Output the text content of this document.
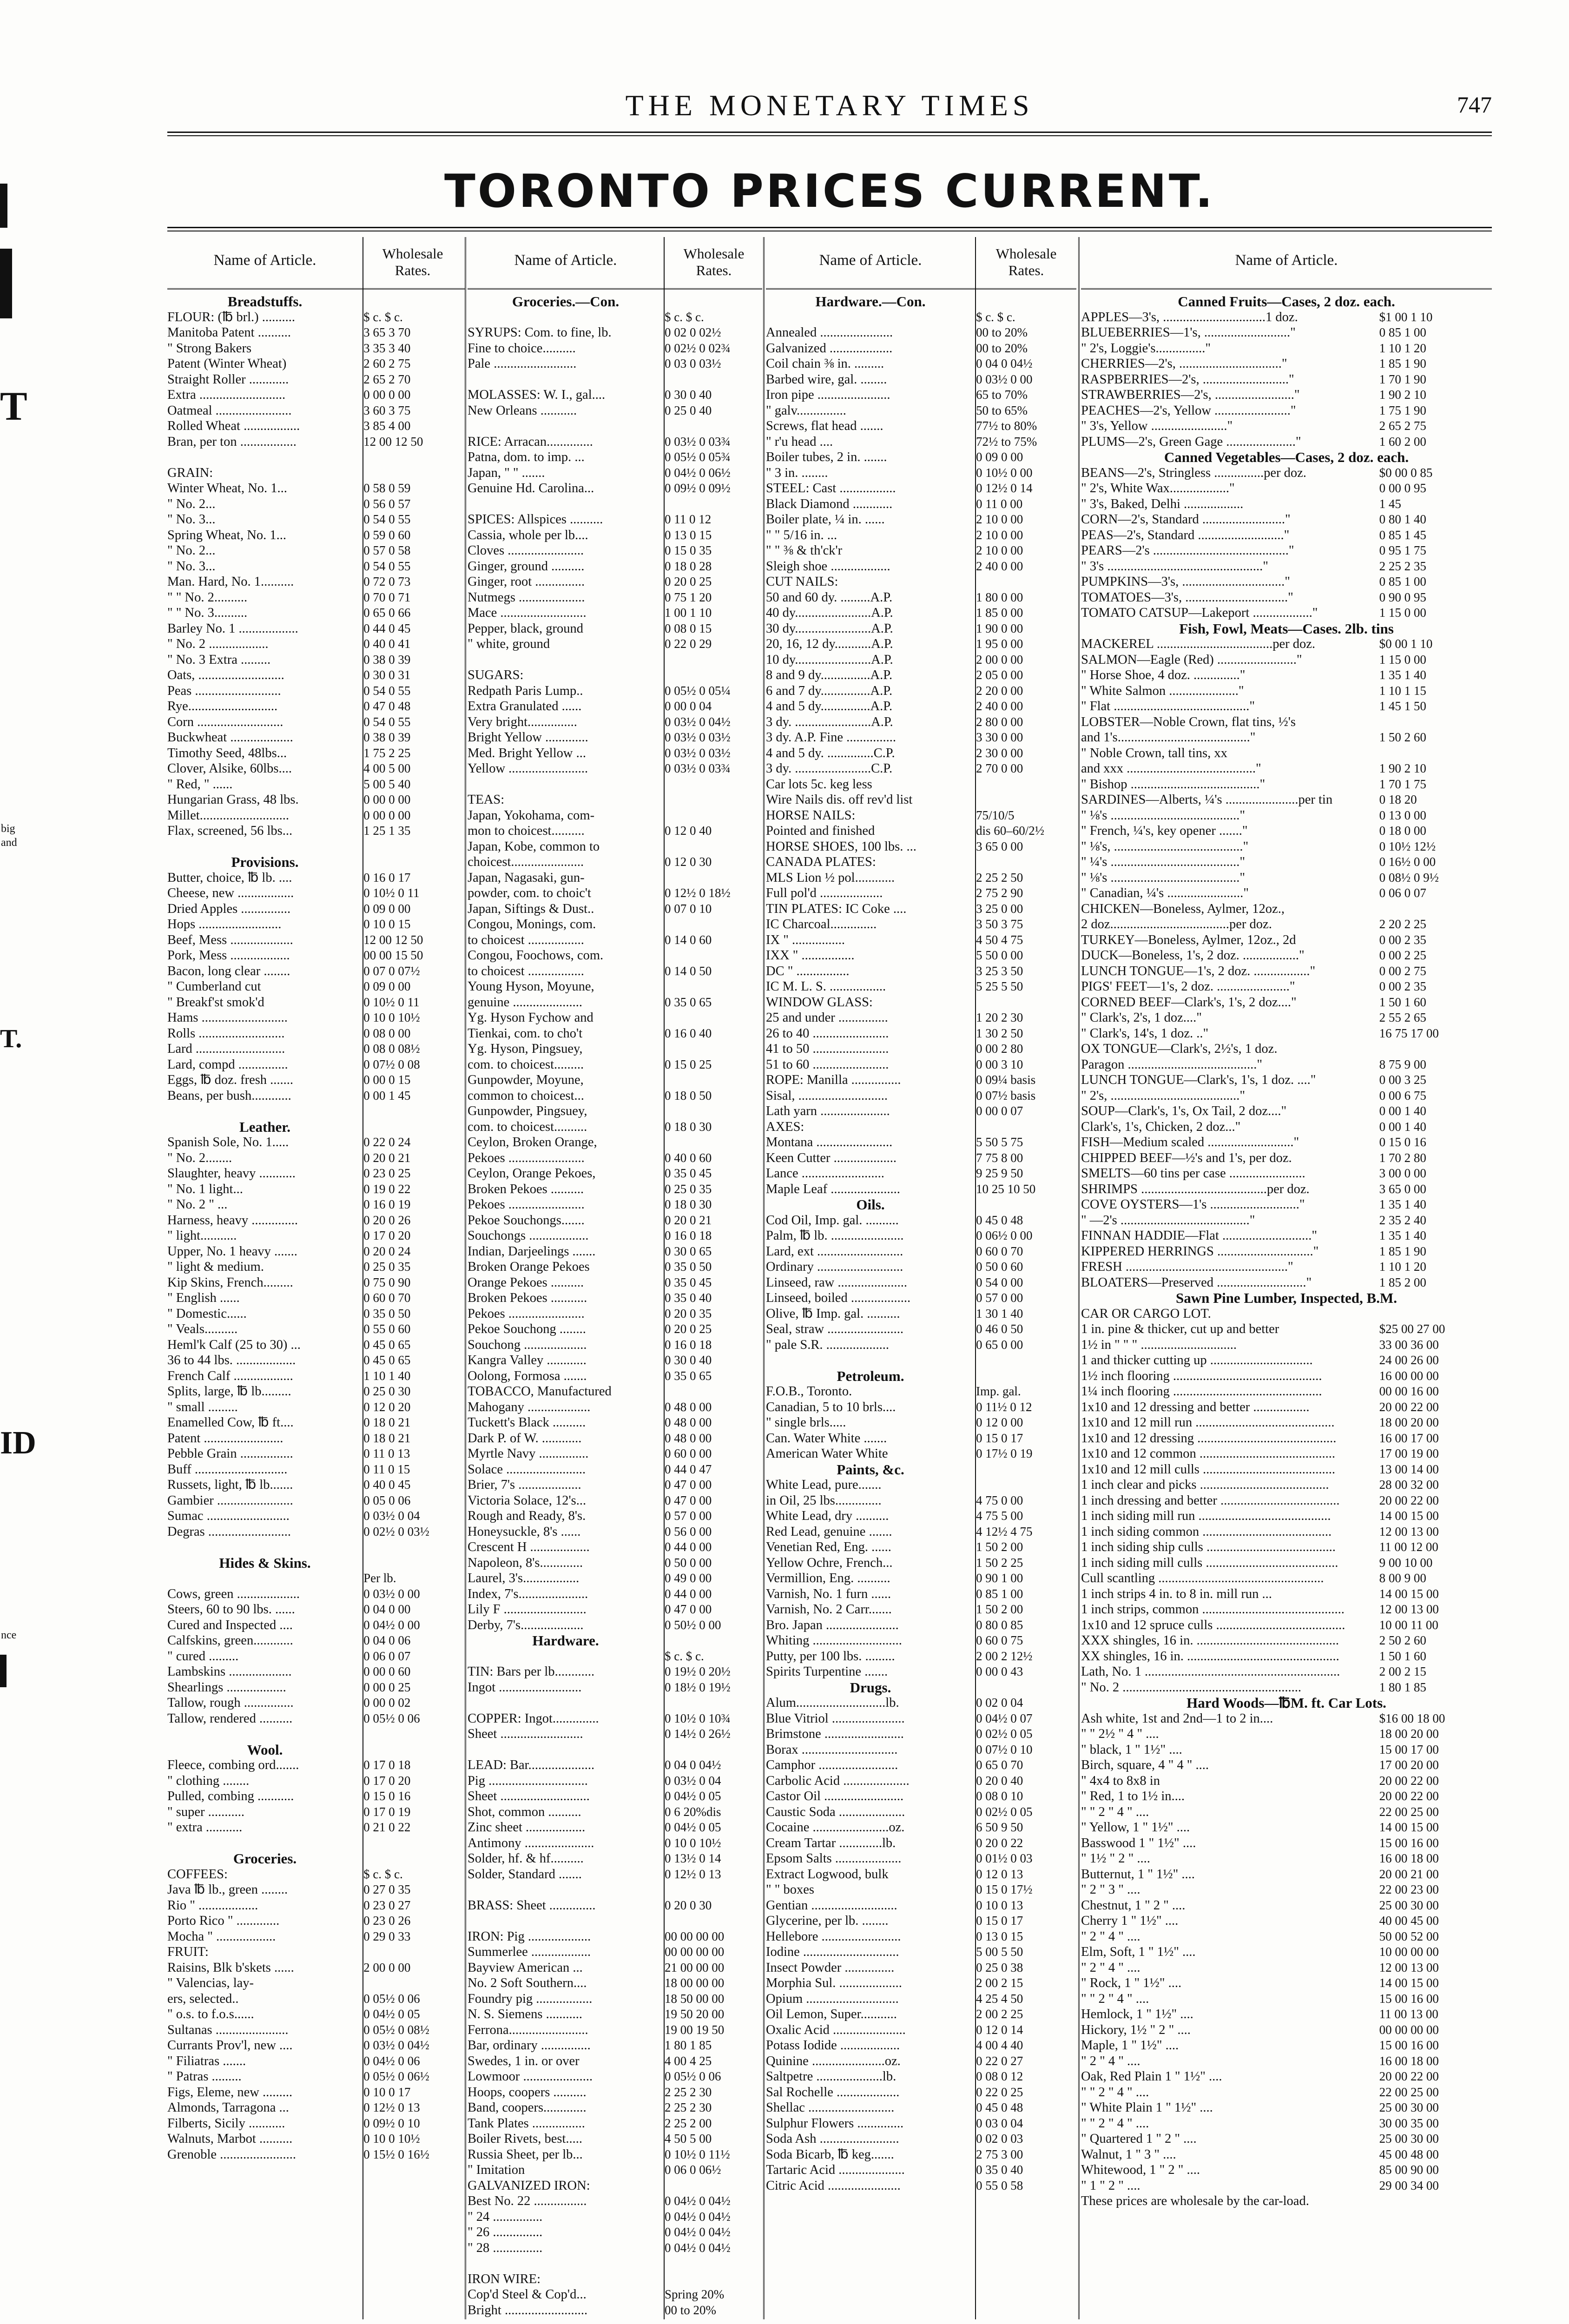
T
big
and
T.
ID
nce
THE MONETARY TIMES	747
TORONTO PRICES CURRENT.
Name of Article.	Wholesale Rates.
Breadstuffs.
FLOUR: (℔ brl.) ..........	$ c. $ c.
Manitoba Patent ..........	3 65 3 70
" Strong Bakers	3 35 3 40
Patent (Winter Wheat)	2 60 2 75
Straight Roller ............	2 65 2 70
Extra ..........................	0 00 0 00
Oatmeal .......................	3 60 3 75
Rolled Wheat .................	3 85 4 00
Bran, per ton .................	12 00 12 50
GRAIN:
Winter Wheat, No. 1...	0 58 0 59
" No. 2...	0 56 0 57
" No. 3...	0 54 0 55
Spring Wheat, No. 1...	0 59 0 60
" No. 2...	0 57 0 58
" No. 3...	0 54 0 55
Man. Hard, No. 1..........	0 72 0 73
" " No. 2..........	0 70 0 71
" " No. 3..........	0 65 0 66
Barley No. 1 ..................	0 44 0 45
" No. 2 ..................	0 40 0 41
" No. 3 Extra .........	0 38 0 39
Oats, ..........................	0 30 0 31
Peas ..........................	0 54 0 55
Rye...........................	0 47 0 48
Corn ..........................	0 54 0 55
Buckwheat ...................	0 38 0 39
Timothy Seed, 48lbs...	1 75 2 25
Clover, Alsike, 60lbs....	4 00 5 00
" Red, " ......	5 00 5 40
Hungarian Grass, 48 lbs.	0 00 0 00
Millet...........................	0 00 0 00
Flax, screened, 56 lbs...	1 25 1 35
Provisions.
Butter, choice, ℔ lb. ....	0 16 0 17
Cheese, new .................	0 10½ 0 11
Dried Apples ...............	0 09 0 00
Hops .........................	0 10 0 15
Beef, Mess ...................	12 00 12 50
Pork, Mess ..................	00 00 15 50
Bacon, long clear ........	0 07 0 07½
" Cumberland cut	0 09 0 00
" Breakf'st smok'd	0 10½ 0 11
Hams ..........................	0 10 0 10½
Rolls ..........................	0 08 0 00
Lard ...........................	0 08 0 08½
Lard, compd ...............	0 07½ 0 08
Eggs, ℔ doz. fresh .......	0 00 0 15
Beans, per bush............	0 00 1 45
Leather.
Spanish Sole, No. 1.....	0 22 0 24
" No. 2........	0 20 0 21
Slaughter, heavy ...........	0 23 0 25
" No. 1 light...	0 19 0 22
" No. 2 " ...	0 16 0 19
Harness, heavy ..............	0 20 0 26
" light...........	0 17 0 20
Upper, No. 1 heavy .......	0 20 0 24
" light & medium.	0 25 0 35
Kip Skins, French.........	0 75 0 90
" English ......	0 60 0 70
" Domestic......	0 35 0 50
" Veals..........	0 55 0 60
Heml'k Calf (25 to 30) ...	0 45 0 65
36 to 44 lbs. ..................	0 45 0 65
French Calf ..................	1 10 1 40
Splits, large, ℔ lb.........	0 25 0 30
" small .........	0 12 0 20
Enamelled Cow, ℔ ft....	0 18 0 21
Patent ........................	0 18 0 21
Pebble Grain ................	0 11 0 13
Buff ............................	0 11 0 15
Russets, light, ℔ lb.......	0 40 0 45
Gambier .......................	0 05 0 06
Sumac .........................	0 03½ 0 04
Degras .........................	0 02½ 0 03½
Hides & Skins.
Per lb.
Cows, green ...................	0 03½ 0 00
Steers, 60 to 90 lbs. ......	0 04 0 00
Cured and Inspected ....	0 04½ 0 00
Calfskins, green............	0 04 0 06
" cured .........	0 06 0 07
Lambskins ...................	0 00 0 60
Shearlings ..................	0 00 0 25
Tallow, rough ...............	0 00 0 02
Tallow, rendered ..........	0 05½ 0 06
Wool.
Fleece, combing ord.......	0 17 0 18
" clothing ........	0 17 0 20
Pulled, combing ...........	0 15 0 16
" super ...........	0 17 0 19
" extra ...........	0 21 0 22
Groceries.
COFFEES:	$ c. $ c.
Java ℔ lb., green ........	0 27 0 35
Rio " ..................	0 23 0 27
Porto Rico " .............	0 23 0 26
Mocha " ..................	0 29 0 33
FRUIT:
Raisins, Blk b'skets ......	2 00 0 00
" Valencias, lay-
ers, selected..	0 05½ 0 06
" o.s. to f.o.s......	0 04½ 0 05
Sultanas ......................	0 05½ 0 08½
Currants Prov'l, new ....	0 03½ 0 04½
" Filiatras .......	0 04½ 0 06
" Patras .........	0 05½ 0 06½
Figs, Eleme, new .........	0 10 0 17
Almonds, Tarragona ...	0 12½ 0 13
Filberts, Sicily ...........	0 09½ 0 10
Walnuts, Marbot ..........	0 10 0 10½
Grenoble .......................	0 15½ 0 16½
Name of Article.	Wholesale Rates.
Groceries.—Con.
$ c. $ c.
SYRUPS: Com. to fine, lb.	0 02 0 02½
Fine to choice..........	0 02½ 0 02¾
Pale .........................	0 03 0 03½
MOLASSES: W. I., gal....	0 30 0 40
New Orleans ...........	0 25 0 40
RICE: Arracan..............	0 03½ 0 03¾
Patna, dom. to imp. ...	0 05½ 0 05¾
Japan, " " .......	0 04½ 0 06½
Genuine Hd. Carolina...	0 09½ 0 09½
SPICES: Allspices ..........	0 11 0 12
Cassia, whole per lb....	0 13 0 15
Cloves .......................	0 15 0 35
Ginger, ground ..........	0 18 0 28
Ginger, root ...............	0 20 0 25
Nutmegs ....................	0 75 1 20
Mace ..........................	1 00 1 10
Pepper, black, ground	0 08 0 15
" white, ground	0 22 0 29
SUGARS:
Redpath Paris Lump..	0 05½ 0 05¼
Extra Granulated ......	0 00 0 04
Very bright...............	0 03½ 0 04½
Bright Yellow .............	0 03½ 0 03½
Med. Bright Yellow ...	0 03½ 0 03½
Yellow ........................	0 03½ 0 03¾
TEAS:
Japan, Yokohama, com-
mon to choicest..........	0 12 0 40
Japan, Kobe, common to
choicest......................	0 12 0 30
Japan, Nagasaki, gun-
powder, com. to choic't	0 12½ 0 18½
Japan, Siftings & Dust..	0 07 0 10
Congou, Monings, com.
to choicest .................	0 14 0 60
Congou, Foochows, com.
to choicest .................	0 14 0 50
Young Hyson, Moyune,
genuine .....................	0 35 0 65
Yg. Hyson Fychow and
Tienkai, com. to cho't	0 16 0 40
Yg. Hyson, Pingsuey,
com. to choicest.........	0 15 0 25
Gunpowder, Moyune,
common to choicest...	0 18 0 50
Gunpowder, Pingsuey,
com. to choicest..........	0 18 0 30
Ceylon, Broken Orange,
Pekoes .......................	0 40 0 60
Ceylon, Orange Pekoes,	0 35 0 45
Broken Pekoes ..........	0 25 0 35
Pekoes .......................	0 18 0 30
Pekoe Souchongs.......	0 20 0 21
Souchongs ..................	0 16 0 18
Indian, Darjeelings .......	0 30 0 65
Broken Orange Pekoes	0 35 0 50
Orange Pekoes ..........	0 35 0 45
Broken Pekoes ...........	0 35 0 40
Pekoes .......................	0 20 0 35
Pekoe Souchong ........	0 20 0 25
Souchong ...................	0 16 0 18
Kangra Valley ............	0 30 0 40
Oolong, Formosa .......	0 35 0 65
TOBACCO, Manufactured
Mahogany ...................	0 48 0 00
Tuckett's Black ..........	0 48 0 00
Dark P. of W. ............	0 48 0 00
Myrtle Navy ...............	0 60 0 00
Solace ........................	0 44 0 47
Brier, 7's ...................	0 47 0 00
Victoria Solace, 12's...	0 47 0 00
Rough and Ready, 8's.	0 57 0 00
Honeysuckle, 8's ......	0 56 0 00
Crescent H ..................	0 44 0 00
Napoleon, 8's.............	0 50 0 00
Laurel, 3's.................	0 49 0 00
Index, 7's.....................	0 44 0 00
Lily F .........................	0 47 0 00
Derby, 7's...................	0 50½ 0 00
Hardware.
$ c. $ c.
TIN: Bars per lb............	0 19½ 0 20½
Ingot .........................	0 18½ 0 19½
COPPER: Ingot..............	0 10½ 0 10¾
Sheet .........................	0 14½ 0 26½
LEAD: Bar....................	0 04 0 04½
Pig ..............................	0 03½ 0 04
Sheet ...........................	0 04½ 0 05
Shot, common ..........	0 6 20%dis
Zinc sheet ..................	0 04½ 0 05
Antimony .....................	0 10 0 10½
Solder, hf. & hf..........	0 13½ 0 14
Solder, Standard .......	0 12½ 0 13
BRASS: Sheet ..............	0 20 0 30
IRON: Pig ...................	00 00 00 00
Summerlee ..................	00 00 00 00
Bayview American ...	21 00 00 00
No. 2 Soft Southern....	18 00 00 00
Foundry pig .................	18 50 00 00
N. S. Siemens ...........	19 50 20 00
Ferrona........................	19 00 19 50
Bar, ordinary ...............	1 80 1 85
Swedes, 1 in. or over	4 00 4 25
Lowmoor .....................	0 05½ 0 06
Hoops, coopers ..........	2 25 2 30
Band, coopers.............	2 25 2 30
Tank Plates ................	2 25 2 00
Boiler Rivets, best.....	4 50 5 00
Russia Sheet, per lb...	0 10½ 0 11½
" Imitation	0 06 0 06½
GALVANIZED IRON:
Best No. 22 ................	0 04½ 0 04½
" 24 ...............	0 04½ 0 04½
" 26 ...............	0 04½ 0 04½
" 28 ...............	0 04½ 0 04½
IRON WIRE:
Cop'd Steel & Cop'd...	Spring 20%
Bright .........................	00 to 20%
Name of Article.	Wholesale Rates.
Hardware.—Con.
$ c. $ c.
Annealed ......................	00 to 20%
Galvanized ...................	00 to 20%
Coil chain ⅜ in. .........	0 04 0 04½
Barbed wire, gal. ........	0 03½ 0 00
Iron pipe ......................	65 to 70%
" galv...............	50 to 65%
Screws, flat head .......	77½ to 80%
" r'u head ....	72½ to 75%
Boiler tubes, 2 in. .......	0 09 0 00
" 3 in. ........	0 10½ 0 00
STEEL: Cast .................	0 12½ 0 14
Black Diamond ............	0 11 0 00
Boiler plate, ¼ in. ......	2 10 0 00
" " 5/16 in. ...	2 10 0 00
" " ⅜ & th'ck'r	2 10 0 00
Sleigh shoe ..................	2 40 0 00
CUT NAILS:
50 and 60 dy. .........A.P.	1 80 0 00
40 dy.......................A.P.	1 85 0 00
30 dy.......................A.P.	1 90 0 00
20, 16, 12 dy...........A.P.	1 95 0 00
10 dy.......................A.P.	2 00 0 00
8 and 9 dy...............A.P.	2 05 0 00
6 and 7 dy...............A.P.	2 20 0 00
4 and 5 dy...............A.P.	2 40 0 00
3 dy. .......................A.P.	2 80 0 00
3 dy. A.P. Fine ...............	3 30 0 00
4 and 5 dy. ..............C.P.	2 30 0 00
3 dy. .......................C.P.	2 70 0 00
Car lots 5c. keg less
Wire Nails dis. off rev'd list
HORSE NAILS:	75/10/5
Pointed and finished	dis 60–60/2½
HORSE SHOES, 100 lbs. ...	3 65 0 00
CANADA PLATES:
MLS Lion ½ pol............	2 25 2 50
Full pol'd ...................	2 75 2 90
TIN PLATES: IC Coke ....	3 25 0 00
IC Charcoal..............	3 50 3 75
IX " ................	4 50 4 75
IXX " ................	5 50 0 00
DC " ................	3 25 3 50
IC M. L. S. .................	5 25 5 50
WINDOW GLASS:
25 and under ...............	1 20 2 30
26 to 40 .......................	1 30 2 50
41 to 50 .......................	0 00 2 80
51 to 60 .......................	0 00 3 10
ROPE: Manilla ...............	0 09¼ basis
Sisal, ...........................	0 07½ basis
Lath yarn .....................	0 00 0 07
AXES:
Montana .......................	5 50 5 75
Keen Cutter ...................	7 75 8 00
Lance .........................	9 25 9 50
Maple Leaf .....................	10 25 10 50
Oils.
Cod Oil, Imp. gal. ..........	0 45 0 48
Palm, ℔ lb. ......................	0 06½ 0 00
Lard, ext ..........................	0 60 0 70
Ordinary ..........................	0 50 0 60
Linseed, raw .....................	0 54 0 00
Linseed, boiled ..................	0 57 0 00
Olive, ℔ Imp. gal. ..........	1 30 1 40
Seal, straw .......................	0 46 0 50
" pale S.R. ...................	0 65 0 00
Petroleum.
F.O.B., Toronto.	Imp. gal.
Canadian, 5 to 10 brls....	0 11½ 0 12
" single brls.....	0 12 0 00
Can. Water White .......	0 15 0 17
American Water White	0 17½ 0 19
Paints, &c.
White Lead, pure.......
in Oil, 25 lbs..............	4 75 0 00
White Lead, dry ..........	4 75 5 00
Red Lead, genuine .......	4 12½ 4 75
Venetian Red, Eng. ......	1 50 2 00
Yellow Ochre, French...	1 50 2 25
Vermillion, Eng. ..........	0 90 1 00
Varnish, No. 1 furn ......	0 85 1 00
Varnish, No. 2 Carr.......	1 50 2 00
Bro. Japan ......................	0 80 0 85
Whiting ...........................	0 60 0 75
Putty, per 100 lbs. .........	2 00 2 12½
Spirits Turpentine .......	0 00 0 43
Drugs.
Alum...........................lb.	0 02 0 04
Blue Vitriol ......................	0 04½ 0 07
Brimstone ........................	0 02½ 0 05
Borax .............................	0 07½ 0 10
Camphor ........................	0 65 0 70
Carbolic Acid ....................	0 20 0 40
Castor Oil ........................	0 08 0 10
Caustic Soda ....................	0 02½ 0 05
Cocaine .......................oz.	6 50 9 50
Cream Tartar .............lb.	0 20 0 22
Epsom Salts ....................	0 01½ 0 03
Extract Logwood, bulk	0 12 0 13
" " boxes	0 15 0 17½
Gentian ..........................	0 10 0 13
Glycerine, per lb. ........	0 15 0 17
Hellebore ........................	0 13 0 15
Iodine .............................	5 00 5 50
Insect Powder ...............	0 25 0 38
Morphia Sul. ...................	2 00 2 15
Opium ............................	4 25 4 50
Oil Lemon, Super...........	2 00 2 25
Oxalic Acid ......................	0 12 0 14
Potass Iodide ..................	4 00 4 40
Quinine ......................oz.	0 22 0 27
Saltpetre ....................lb.	0 08 0 12
Sal Rochelle ...................	0 22 0 25
Shellac ..........................	0 45 0 48
Sulphur Flowers ..............	0 03 0 04
Soda Ash ........................	0 02 0 03
Soda Bicarb, ℔ keg.......	2 75 3 00
Tartaric Acid ....................	0 35 0 40
Citric Acid ......................	0 55 0 58
Name of Article.
Canned Fruits—Cases, 2 doz. each.
APPLES—3's, ...............................1 doz.	$1 00 1 10
BLUEBERRIES—1's, .........................."	0 85 1 00
" 2's, Loggie's..............."	1 10 1 20
CHERRIES—2's, ..............................."	1 85 1 90
RASPBERRIES—2's, .........................."	1 70 1 90
STRAWBERRIES—2's, ........................"	1 90 2 10
PEACHES—2's, Yellow ......................."	1 75 1 90
" 3's, Yellow ......................."	2 65 2 75
PLUMS—2's, Green Gage ....................."	1 60 2 00
Canned Vegetables—Cases, 2 doz. each.
BEANS—2's, Stringless ...............per doz.	$0 00 0 85
" 2's, White Wax.................."	0 00 0 95
" 3's, Baked, Delhi ..................	1 45
CORN—2's, Standard ........................."	0 80 1 40
PEAS—2's, Standard .........................."	0 85 1 45
PEARS—2's ........................................."	0 95 1 75
" 3's ..............................................."	2 25 2 35
PUMPKINS—3's, ..............................."	0 85 1 00
TOMATOES—3's, ..............................."	0 90 0 95
TOMATO CATSUP—Lakeport .................."	1 15 0 00
Fish, Fowl, Meats—Cases. 2lb. tins
MACKEREL ...................................per doz.	$0 00 1 10
SALMON—Eagle (Red) ........................"	1 15 0 00
" Horse Shoe, 4 doz. .............."	1 35 1 40
" White Salmon ....................."	1 10 1 15
" Flat ........................................."	1 45 1 50
LOBSTER—Noble Crown, flat tins, ½'s
and 1's........................................"	1 50 2 60
" Noble Crown, tall tins, xx
and xxx ......................................."	1 90 2 10
" Bishop ......................................."	1 70 1 75
SARDINES—Alberts, ¼'s ......................per tin	0 18 20
" ⅛'s ......................................."	0 13 0 00
" French, ¼'s, key opener ......."	0 18 0 00
" ⅛'s, ......................................."	0 10½ 12½
" ¼'s ......................................."	0 16½ 0 00
" ⅛'s ......................................."	0 08½ 0 9½
" Canadian, ¼'s ......................."	0 06 0 07
CHICKEN—Boneless, Aylmer, 12oz.,
2 doz....................................per doz.	2 20 2 25
TURKEY—Boneless, Aylmer, 12oz., 2d	0 00 2 35
DUCK—Boneless, 1's, 2 doz. ................."	0 00 2 25
LUNCH TONGUE—1's, 2 doz. ................."	0 00 2 75
PIGS' FEET—1's, 2 doz. ......................"	0 00 2 35
CORNED BEEF—Clark's, 1's, 2 doz...."	1 50 1 60
" Clark's, 2's, 1 doz...."	2 55 2 65
" Clark's, 14's, 1 doz. .."	16 75 17 00
OX TONGUE—Clark's, 2½'s, 1 doz.
Paragon ......................................."	8 75 9 00
LUNCH TONGUE—Clark's, 1's, 1 doz. ...."	0 00 3 25
" 2's, ......................................."	0 00 6 75
SOUP—Clark's, 1's, Ox Tail, 2 doz...."	0 00 1 40
Clark's, 1's, Chicken, 2 doz..."	0 00 1 40
FISH—Medium scaled .........................."	0 15 0 16
CHIPPED BEEF—½'s and 1's, per doz.	1 70 2 80
SMELTS—60 tins per case .......................	3 00 0 00
SHRIMPS ......................................per doz.	3 65 0 00
COVE OYSTERS—1's ..........................."	1 35 1 40
" —2's ......................................."	2 35 2 40
FINNAN HADDIE—Flat ..........................."	1 35 1 40
KIPPERED HERRINGS ............................."	1 85 1 90
FRESH ................................................."	1 10 1 20
BLOATERS—Preserved ..........................."	1 85 2 00
Sawn Pine Lumber, Inspected, B.M.
CAR OR CARGO LOT.
1 in. pine & thicker, cut up and better	$25 00 27 00
1½ in " " " .............................	33 00 36 00
1 and thicker cutting up ...............................	24 00 26 00
1½ inch flooring .............................................	16 00 00 00
1¼ inch flooring .............................................	00 00 16 00
1x10 and 12 dressing and better .................	20 00 22 00
1x10 and 12 mill run ..........................................	18 00 20 00
1x10 and 12 dressing ..........................................	16 00 17 00
1x10 and 12 common .........................................	17 00 19 00
1x10 and 12 mill culls ........................................	13 00 14 00
1 inch clear and picks .......................................	28 00 32 00
1 inch dressing and better ....................................	20 00 22 00
1 inch siding mill run ........................................	14 00 15 00
1 inch siding common .......................................	12 00 13 00
1 inch siding ship culls .......................................	11 00 12 00
1 inch siding mill culls ........................................	9 00 10 00
Cull scantling ..................................................	8 00 9 00
1 inch strips 4 in. to 8 in. mill run ...	14 00 15 00
1 inch strips, common ...........................................	12 00 13 00
1x10 and 12 spruce culls .......................................	10 00 11 00
XXX shingles, 16 in. ...........................................	2 50 2 60
XX shingles, 16 in. ..............................................	1 50 1 60
Lath, No. 1 ...........................................................	2 00 2 15
" No. 2 ......................................................	1 80 1 85
Hard Woods—℔M. ft. Car Lots.
Ash white, 1st and 2nd—1 to 2 in....	$16 00 18 00
" " 2½ " 4 " ....	18 00 20 00
" black, 1 " 1½" ....	15 00 17 00
Birch, square, 4 " 4 " ....	17 00 20 00
" 4x4 to 8x8 in	20 00 22 00
" Red, 1 to 1½ in....	20 00 22 00
" " 2 " 4 " ....	22 00 25 00
" Yellow, 1 " 1½" ....	14 00 15 00
Basswood 1 " 1½" ....	15 00 16 00
" 1½ " 2 " ....	16 00 18 00
Butternut, 1 " 1½" ....	20 00 21 00
" 2 " 3 " ....	22 00 23 00
Chestnut, 1 " 2 " ....	25 00 30 00
Cherry 1 " 1½" ....	40 00 45 00
" 2 " 4 " ....	50 00 52 00
Elm, Soft, 1 " 1½" ....	10 00 00 00
" 2 " 4 " ....	12 00 13 00
" Rock, 1 " 1½" ....	14 00 15 00
" " 2 " 4 " ....	15 00 16 00
Hemlock, 1 " 1½" ....	11 00 13 00
Hickory, 1½ " 2 " ....	00 00 00 00
Maple, 1 " 1½" ....	15 00 16 00
" 2 " 4 " ....	16 00 18 00
Oak, Red Plain 1 " 1½" ....	20 00 22 00
" " 2 " 4 " ....	22 00 25 00
" White Plain 1 " 1½" ....	25 00 30 00
" " 2 " 4 " ....	30 00 35 00
" Quartered 1 " 2 " ....	25 00 30 00
Walnut, 1 " 3 " ....	45 00 48 00
Whitewood, 1 " 2 " ....	85 00 90 00
" 1 " 2 " ....	29 00 34 00
These prices are wholesale by the car-load.
